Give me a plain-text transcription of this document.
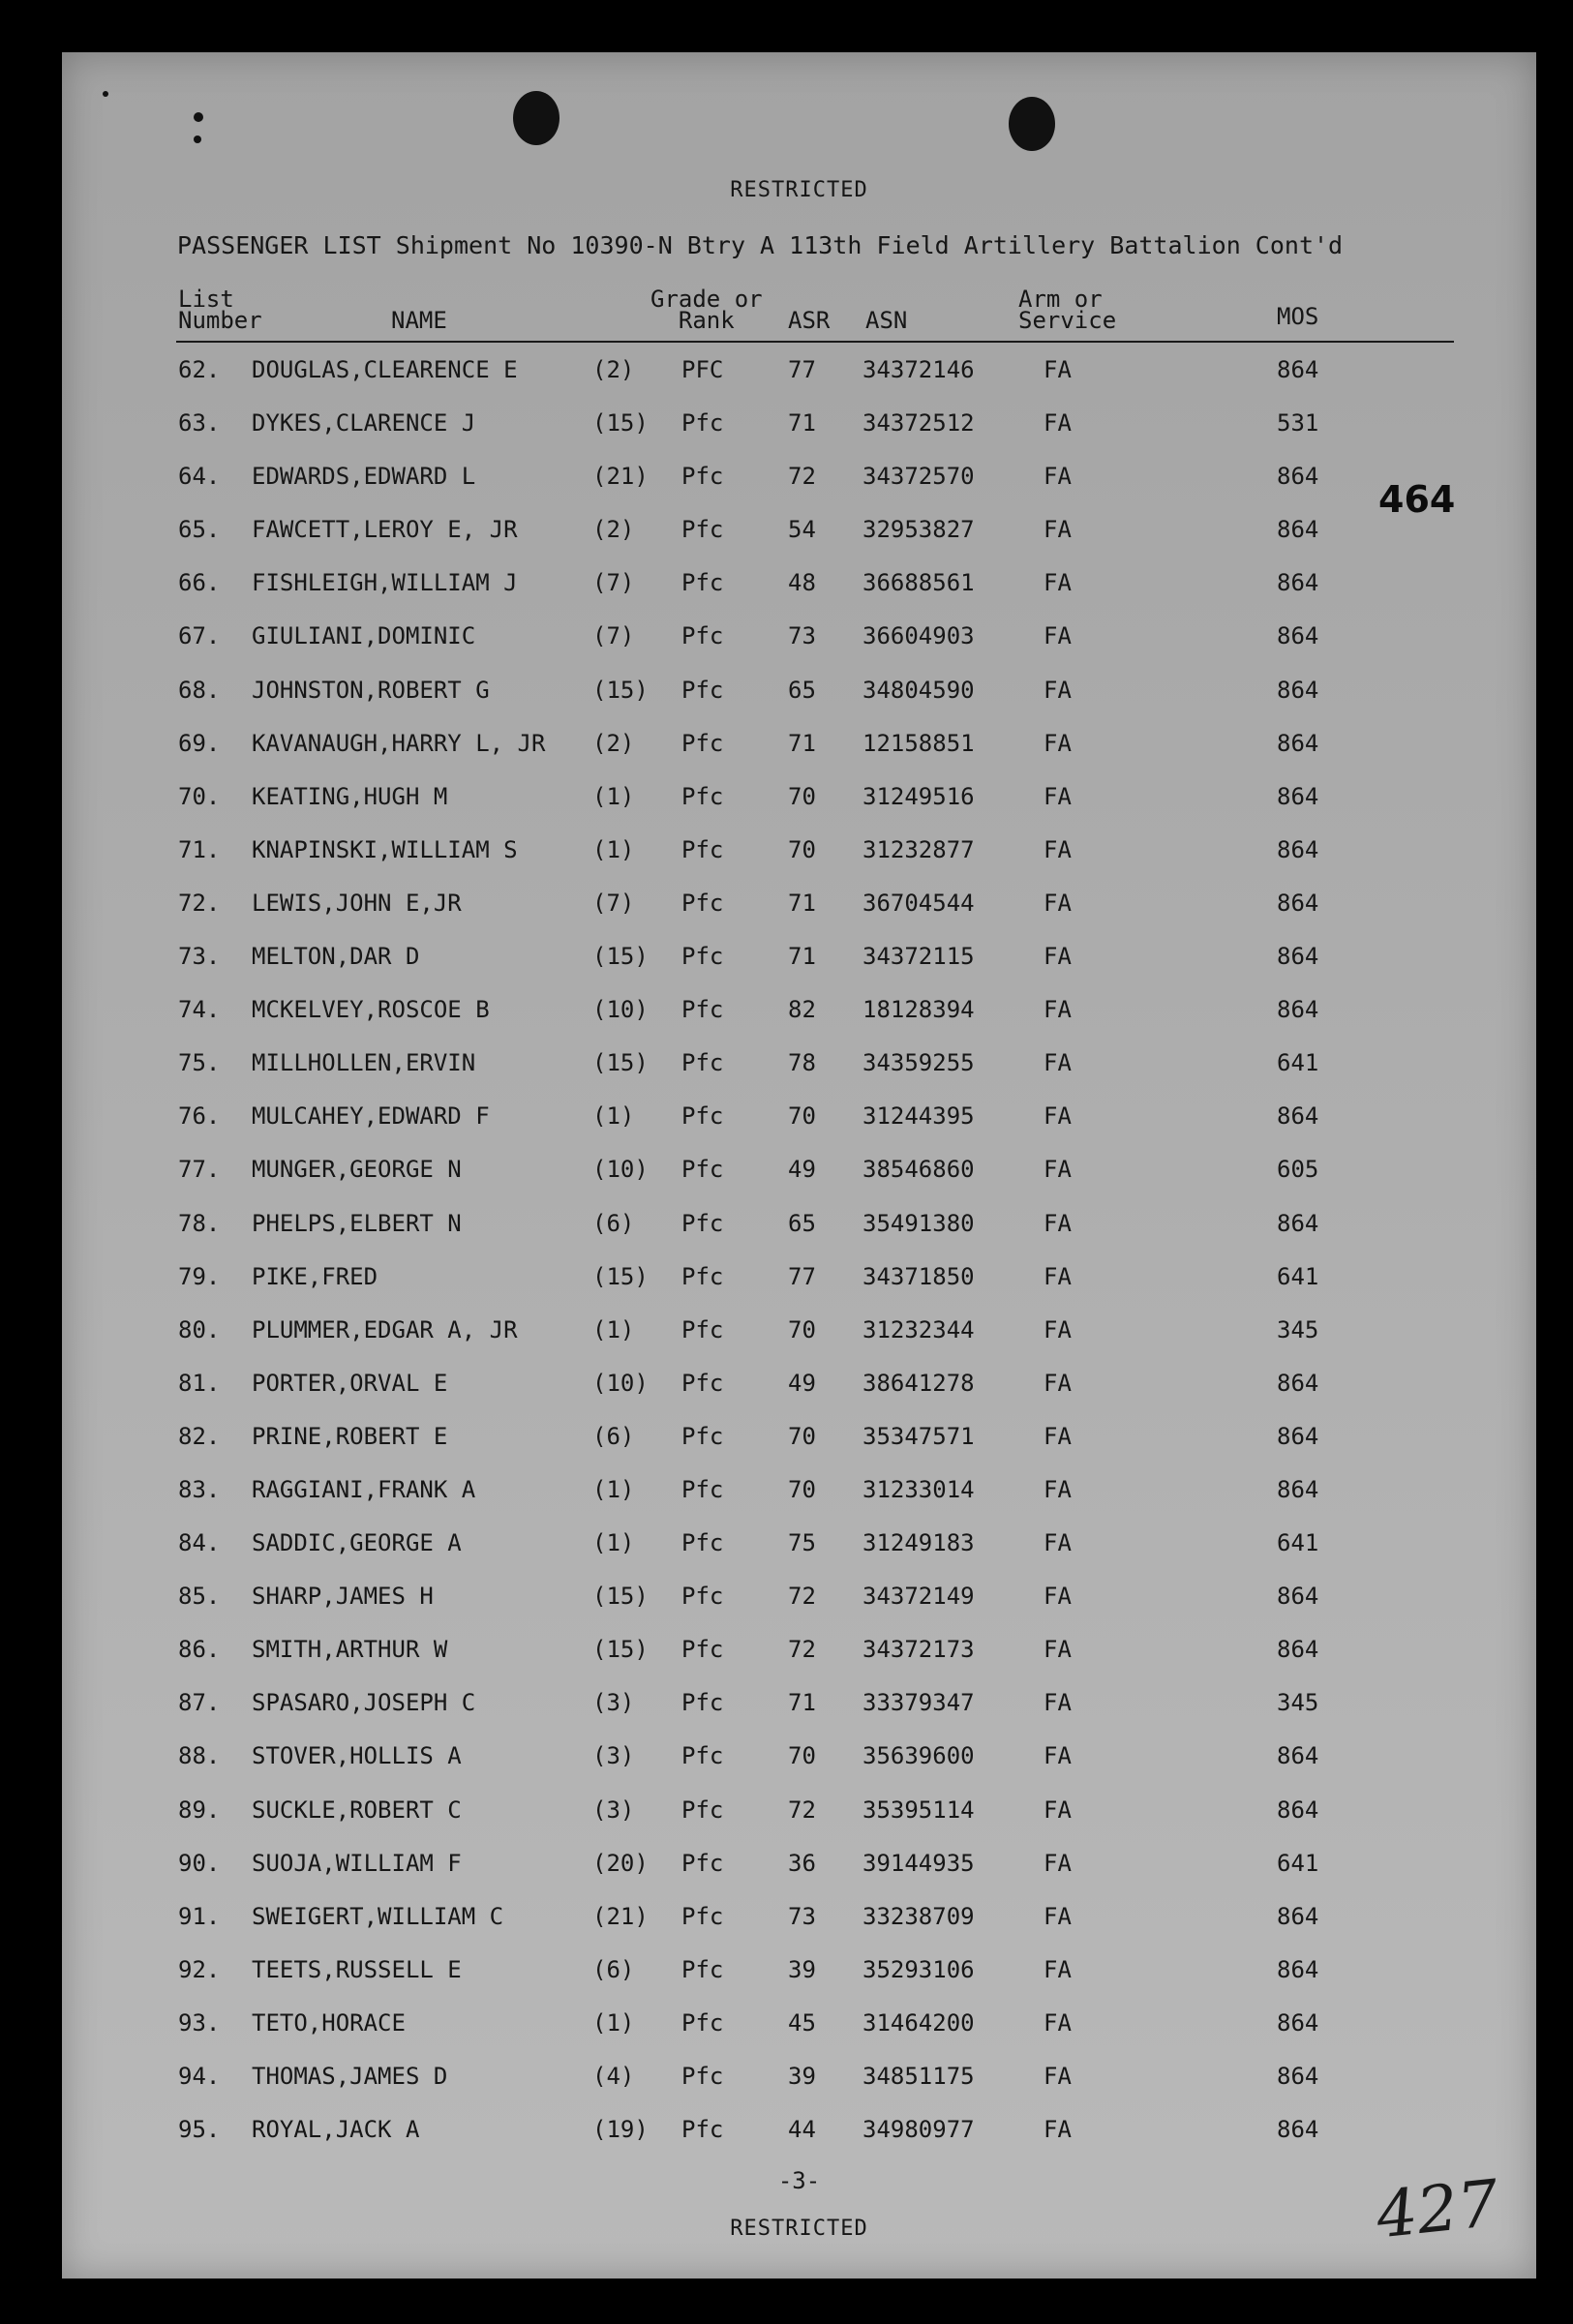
RESTRICTED
PASSENGER LIST Shipment No 10390-N Btry A 113th Field Artillery Battalion Cont'd
List
Number	NAME
Grade or
Rank	ASR ASN
Arm or
Service	MOS
62. DOUGLAS,CLEARENCE E	(2) PFC	77 34372146	FA	864
63. DYKES,CLARENCE J	(15) Pfc	71 34372512	FA	531
64. EDWARDS,EDWARD L	(21) Pfc	72 34372570	FA	864
65. FAWCETT,LEROY E, JR	(2) Pfc	54 32953827	FA	864
66. FISHLEIGH,WILLIAM J	(7) Pfc	48 36688561	FA	864
67. GIULIANI,DOMINIC	(7) Pfc	73 36604903	FA	864
68. JOHNSTON,ROBERT G	(15) Pfc	65 34804590	FA	864
69. KAVANAUGH,HARRY L, JR (2) Pfc	71 12158851	FA	864
70. KEATING,HUGH M	(1) Pfc	70 31249516	FA	864
71. KNAPINSKI,WILLIAM S	(1) Pfc	70 31232877	FA	864
72. LEWIS,JOHN E,JR	(7) Pfc	71 36704544	FA	864
73. MELTON,DAR D	(15) Pfc	71 34372115	FA	864
74. MCKELVEY,ROSCOE B	(10) Pfc	82 18128394	FA	864
75. MILLHOLLEN,ERVIN	(15) Pfc	78 34359255	FA	641
76. MULCAHEY,EDWARD F	(1) Pfc	70 31244395	FA	864
77. MUNGER,GEORGE N	(10) Pfc	49 38546860	FA	605
78. PHELPS,ELBERT N	(6) Pfc	65 35491380	FA	864
79. PIKE,FRED	(15) Pfc	77 34371850	FA	641
80. PLUMMER,EDGAR A, JR	(1) Pfc	70 31232344	FA	345
81. PORTER,ORVAL E	(10) Pfc	49 38641278	FA	864
82. PRINE,ROBERT E	(6) Pfc	70 35347571	FA	864
83. RAGGIANI,FRANK A	(1) Pfc	70 31233014	FA	864
84. SADDIC,GEORGE A	(1) Pfc	75 31249183	FA	641
85. SHARP,JAMES H	(15) Pfc	72 34372149	FA	864
86. SMITH,ARTHUR W	(15) Pfc	72 34372173	FA	864
87. SPASARO,JOSEPH C	(3) Pfc	71 33379347	FA	345
88. STOVER,HOLLIS A	(3) Pfc	70 35639600	FA	864
89. SUCKLE,ROBERT C	(3) Pfc	72 35395114	FA	864
90. SUOJA,WILLIAM F	(20) Pfc	36 39144935	FA	641
91. SWEIGERT,WILLIAM C	(21) Pfc	73 33238709	FA	864
92. TEETS,RUSSELL E	(6) Pfc	39 35293106	FA	864
93. TETO,HORACE	(1) Pfc	45 31464200	FA	864
94. THOMAS,JAMES D	(4) Pfc	39 34851175	FA	864
95. ROYAL,JACK A	(19) Pfc	44 34980977	FA	864
464
-3-
RESTRICTED	427
